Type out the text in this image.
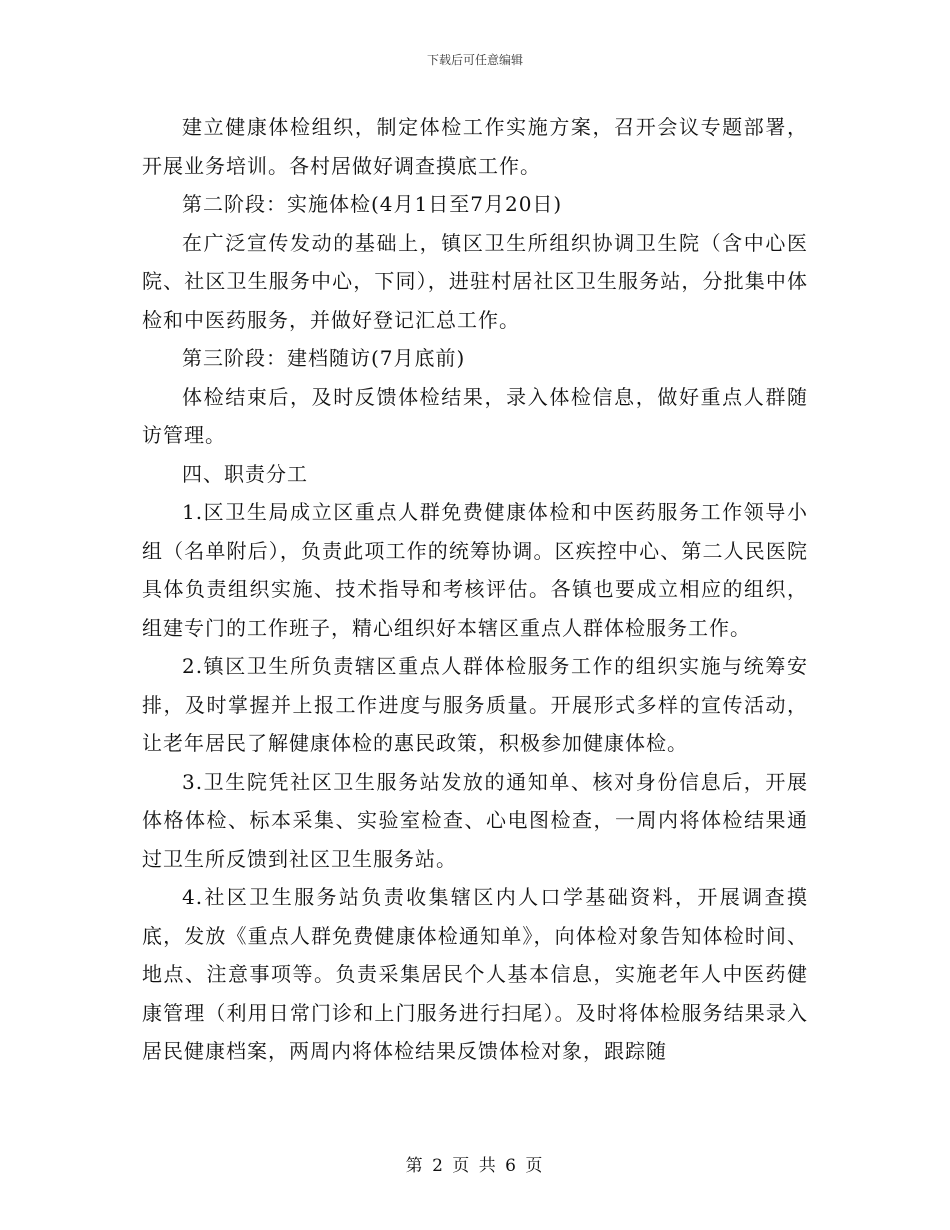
下载后可任意编辑

建立健康体检组织，制定体检工作实施方案，召开会议专题部署，开展业务培训。各村居做好调查摸底工作。

第二阶段：实施体检(4月1日至7月20日)

在广泛宣传发动的基础上，镇区卫生所组织协调卫生院（含中心医院、社区卫生服务中心，下同），进驻村居社区卫生服务站，分批集中体检和中医药服务，并做好登记汇总工作。

第三阶段：建档随访(7月底前)

体检结束后，及时反馈体检结果，录入体检信息，做好重点人群随访管理。

四、职责分工

1.区卫生局成立区重点人群免费健康体检和中医药服务工作领导小组（名单附后），负责此项工作的统筹协调。区疾控中心、第二人民医院具体负责组织实施、技术指导和考核评估。各镇也要成立相应的组织，组建专门的工作班子，精心组织好本辖区重点人群体检服务工作。

2.镇区卫生所负责辖区重点人群体检服务工作的组织实施与统筹安排，及时掌握并上报工作进度与服务质量。开展形式多样的宣传活动，让老年居民了解健康体检的惠民政策，积极参加健康体检。

3.卫生院凭社区卫生服务站发放的通知单、核对身份信息后，开展体格体检、标本采集、实验室检查、心电图检查，一周内将体检结果通过卫生所反馈到社区卫生服务站。

4.社区卫生服务站负责收集辖区内人口学基础资料，开展调查摸底，发放《重点人群免费健康体检通知单》，向体检对象告知体检时间、地点、注意事项等。负责采集居民个人基本信息，实施老年人中医药健康管理（利用日常门诊和上门服务进行扫尾）。及时将体检服务结果录入居民健康档案，两周内将体检结果反馈体检对象，跟踪随

第 2 页 共 6 页
